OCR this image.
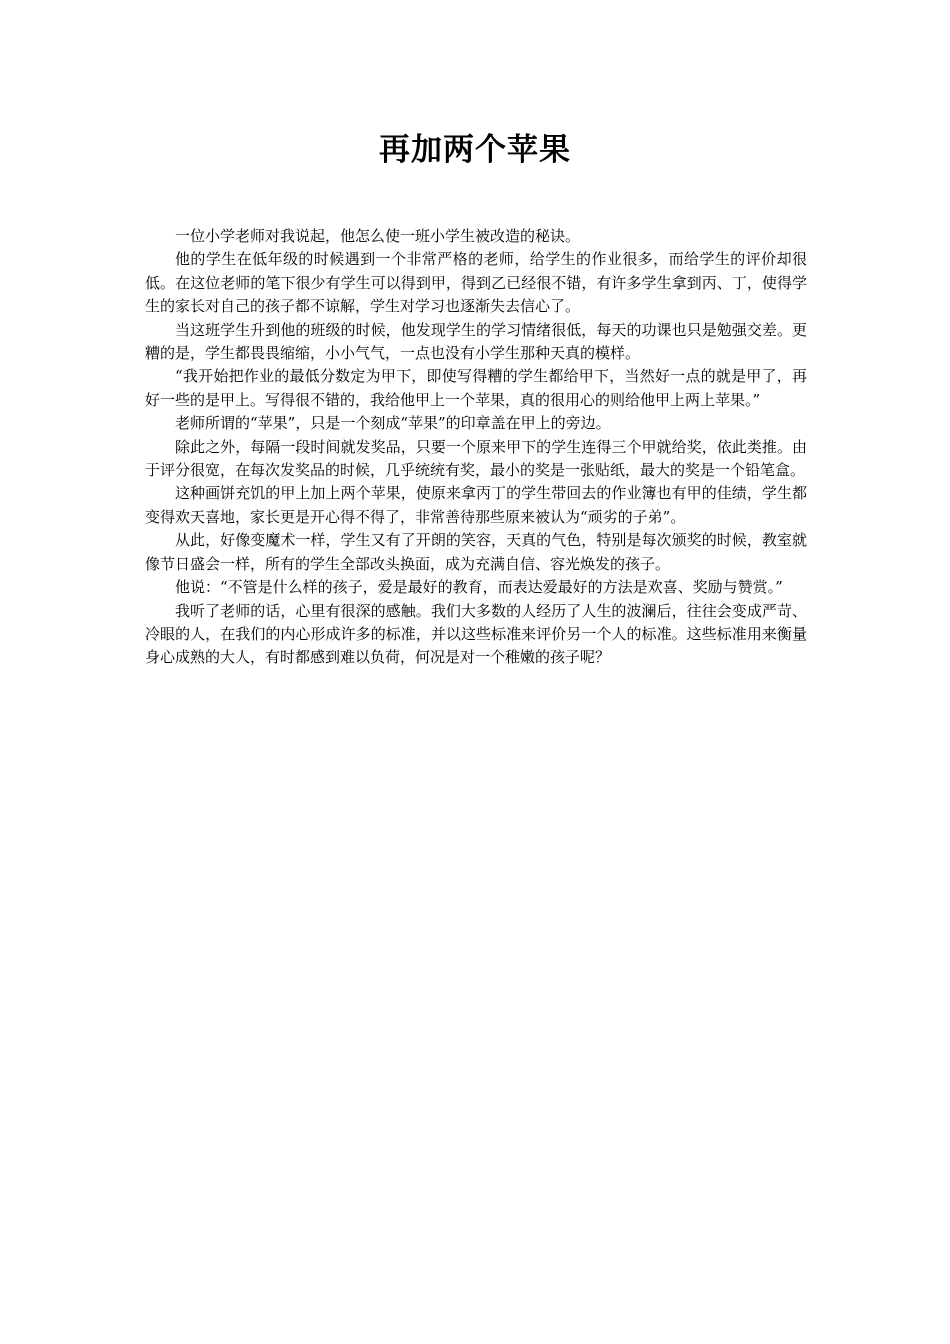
再加两个苹果

一位小学老师对我说起，他怎么使一班小学生被改造的秘诀。

他的学生在低年级的时候遇到一个非常严格的老师，给学生的作业很多，而给学生的评价却很低。在这位老师的笔下很少有学生可以得到甲，得到乙已经很不错，有许多学生拿到丙、丁，使得学生的家长对自己的孩子都不谅解，学生对学习也逐渐失去信心了。

当这班学生升到他的班级的时候，他发现学生的学习情绪很低，每天的功课也只是勉强交差。更糟的是，学生都畏畏缩缩，小小气气，一点也没有小学生那种天真的模样。

“我开始把作业的最低分数定为甲下，即使写得糟的学生都给甲下，当然好一点的就是甲了，再好一些的是甲上。写得很不错的，我给他甲上一个苹果，真的很用心的则给他甲上两上苹果。”

老师所谓的“苹果”，只是一个刻成“苹果”的印章盖在甲上的旁边。

除此之外，每隔一段时间就发奖品，只要一个原来甲下的学生连得三个甲就给奖，依此类推。由于评分很宽，在每次发奖品的时候，几乎统统有奖，最小的奖是一张贴纸，最大的奖是一个铅笔盒。

这种画饼充饥的甲上加上两个苹果，使原来拿丙丁的学生带回去的作业簿也有甲的佳绩，学生都变得欢天喜地，家长更是开心得不得了，非常善待那些原来被认为“顽劣的子弟”。

从此，好像变魔术一样，学生又有了开朗的笑容，天真的气色，特别是每次颁奖的时候，教室就像节日盛会一样，所有的学生全部改头换面，成为充满自信、容光焕发的孩子。

他说：“不管是什么样的孩子，爱是最好的教育，而表达爱最好的方法是欢喜、奖励与赞赏。”

我听了老师的话，心里有很深的感触。我们大多数的人经历了人生的波澜后，往往会变成严苛、冷眼的人，在我们的内心形成许多的标准，并以这些标准来评价另一个人的标准。这些标准用来衡量身心成熟的大人，有时都感到难以负荷，何况是对一个稚嫩的孩子呢？
